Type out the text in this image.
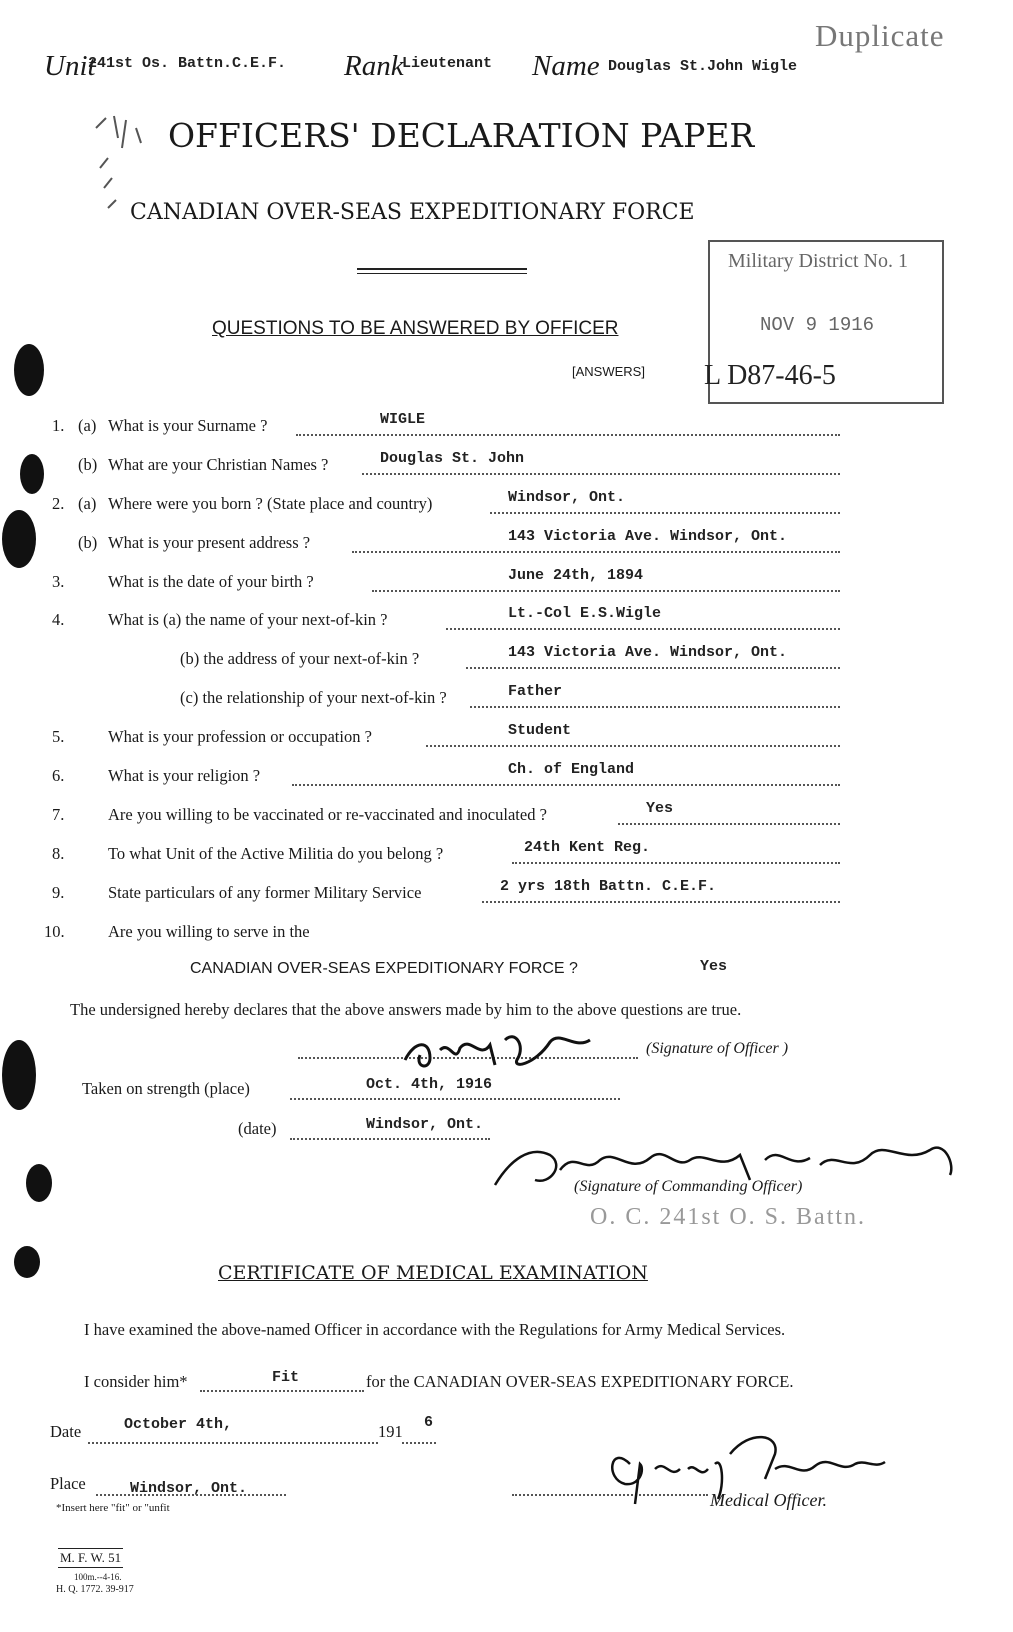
Unit
241st Os. Battn.C.E.F. Rank
Lieutenant Name Douglas St.John Wigle
Duplicate
OFFICERS' DECLARATION PAPER
CANADIAN OVER-SEAS EXPEDITIONARY FORCE
QUESTIONS TO BE ANSWERED BY OFFICER
[ANSWERS]
Military District No. 1
NOV 9 1916
L D87-46-5
1. (a) What is your Surname ?	WIGLE
(b) What are your Christian Names ?	Douglas St. John
2. (a) Where were you born ? (State place and country)	Windsor, Ont.
(b) What is your present address ?	143 Victoria Ave. Windsor, Ont.
3.	What is the date of your birth ?	June 24th, 1894
4.	What is (a) the name of your next-of-kin ?	Lt.-Col E.S.Wigle
(b) the address of your next-of-kin ?	143 Victoria Ave. Windsor, Ont.
(c) the relationship of your next-of-kin ?	Father
5.	What is your profession or occupation ?	Student
6.	What is your religion ?	Ch. of England
7.	Are you willing to be vaccinated or re-vaccinated and inoculated ?	Yes
8.	To what Unit of the Active Militia do you belong ?	24th Kent Reg.
9.	State particulars of any former Military Service	2 yrs 18th Battn. C.E.F.
10.	Are you willing to serve in the
CANADIAN OVER-SEAS EXPEDITIONARY FORCE ?	Yes
The undersigned hereby declares that the above answers made by him to the above questions are true.
(Signature of Officer )
Taken on strength (place)	Oct. 4th, 1916
(date)	Windsor, Ont.
(Signature of Commanding Officer)
O. C. 241st O. S. Battn.
CERTIFICATE OF MEDICAL EXAMINATION
I have examined the above-named Officer in accordance with the Regulations for Army Medical Services.
I consider him*	Fit	for the CANADIAN OVER-SEAS EXPEDITIONARY FORCE.
Date	October 4th,	191 6
Place	Windsor, Ont.
*Insert here "fit" or "unfit	Medical Officer.
M. F. W. 51
100m.--4-16.
H. Q. 1772. 39-917
